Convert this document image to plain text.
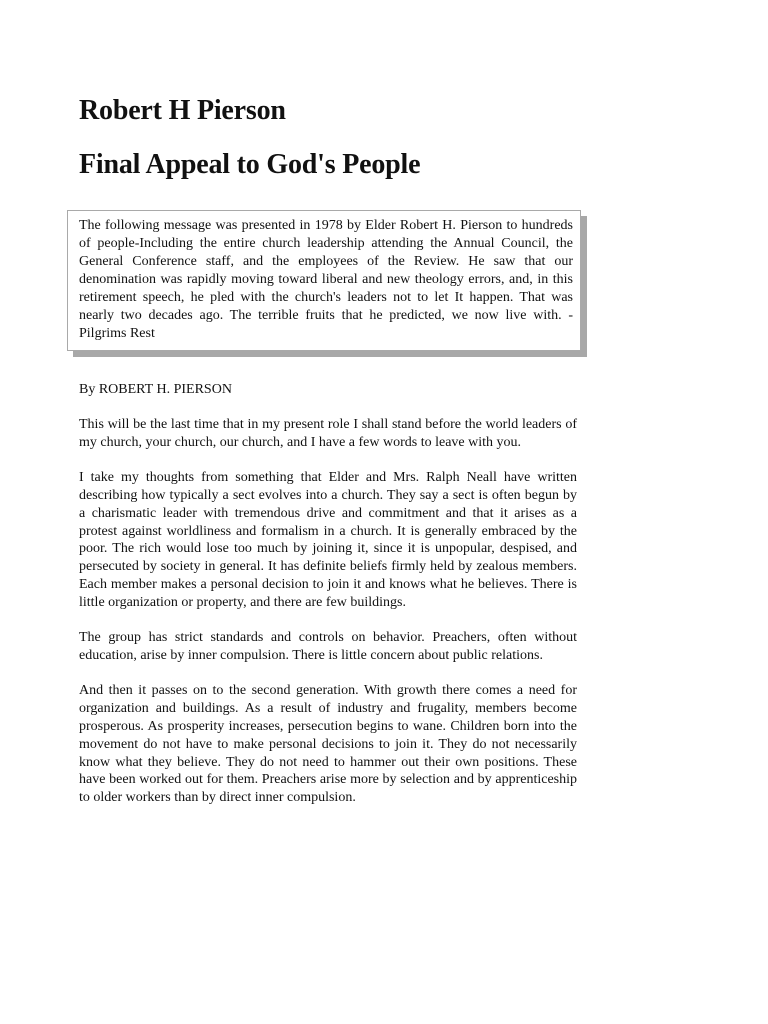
Robert H Pierson
Final Appeal to God's People
The following message was presented in 1978 by Elder Robert H. Pierson to hundreds of people-Including the entire church leadership attending the Annual Council, the General Conference staff, and the employees of the Review. He saw that our denomination was rapidly moving toward liberal and new theology errors, and, in this retirement speech, he pled with the church's leaders not to let It happen. That was nearly two decades ago. The terrible fruits that he predicted, we now live with. -Pilgrims Rest
By ROBERT H. PIERSON

This will be the last time that in my present role I shall stand before the world leaders of my church, your church, our church, and I have a few words to leave with you.

I take my thoughts from something that Elder and Mrs. Ralph Neall have written describing how typically a sect evolves into a church. They say a sect is often begun by a charismatic leader with tremendous drive and commitment and that it arises as a protest against worldliness and formalism in a church. It is generally embraced by the poor. The rich would lose too much by joining it, since it is unpopular, despised, and persecuted by society in general. It has definite beliefs firmly held by zealous members. Each member makes a personal decision to join it and knows what he believes. There is little organization or property, and there are few buildings.

The group has strict standards and controls on behavior. Preachers, often without education, arise by inner compulsion. There is little concern about public relations.

And then it passes on to the second generation. With growth there comes a need for organization and buildings. As a result of industry and frugality, members become prosperous. As prosperity increases, persecution begins to wane. Children born into the movement do not have to make personal decisions to join it. They do not necessarily know what they believe. They do not need to hammer out their own positions. These have been worked out for them. Preachers arise more by selection and by apprenticeship to older workers than by direct inner compulsion.
